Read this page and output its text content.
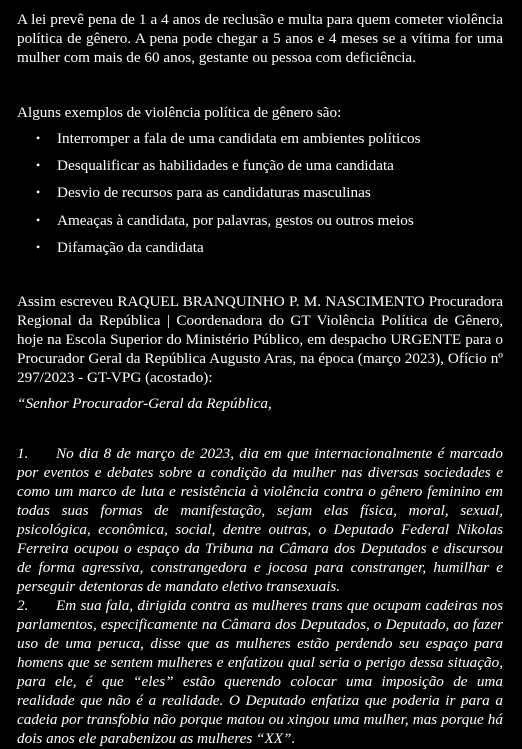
A lei prevê pena de 1 a 4 anos de reclusão e multa para quem cometer violência política de gênero. A pena pode chegar a 5 anos e 4 meses se a vítima for uma mulher com mais de 60 anos, gestante ou pessoa com deficiência.
Alguns exemplos de violência política de gênero são:
• Interromper a fala de uma candidata em ambientes políticos
• Desqualificar as habilidades e função de uma candidata
• Desvio de recursos para as candidaturas masculinas
• Ameaças à candidata, por palavras, gestos ou outros meios
• Difamação da candidata
Assim escreveu RAQUEL BRANQUINHO P. M. NASCIMENTO Procuradora Regional da República | Coordenadora do GT Violência Política de Gênero, hoje na Escola Superior do Ministério Público, em despacho URGENTE para o Procurador Geral da República Augusto Aras, na época (março 2023), Ofício nº 297/2023 - GT-VPG (acostado):
“Senhor Procurador-Geral da República,
1. No dia 8 de março de 2023, dia em que internacionalmente é marcado por eventos e debates sobre a condição da mulher nas diversas sociedades e como um marco de luta e resistência à violência contra o gênero feminino em todas suas formas de manifestação, sejam elas física, moral, sexual, psicológica, econômica, social, dentre outras, o Deputado Federal Nikolas Ferreira ocupou o espaço da Tribuna na Câmara dos Deputados e discursou de forma agressiva, constrangedora e jocosa para constranger, humilhar e perseguir detentoras de mandato eletivo transexuais.
2. Em sua fala, dirigida contra as mulheres trans que ocupam cadeiras nos parlamentos, especificamente na Câmara dos Deputados, o Deputado, ao fazer uso de uma peruca, disse que as mulheres estão perdendo seu espaço para homens que se sentem mulheres e enfatizou qual seria o perigo dessa situação, para ele, é que “eles” estão querendo colocar uma imposição de uma realidade que não é a realidade. O Deputado enfatiza que poderia ir para a cadeia por transfobia não porque matou ou xingou uma mulher, mas porque há dois anos ele parabenizou as mulheres “XX”.
